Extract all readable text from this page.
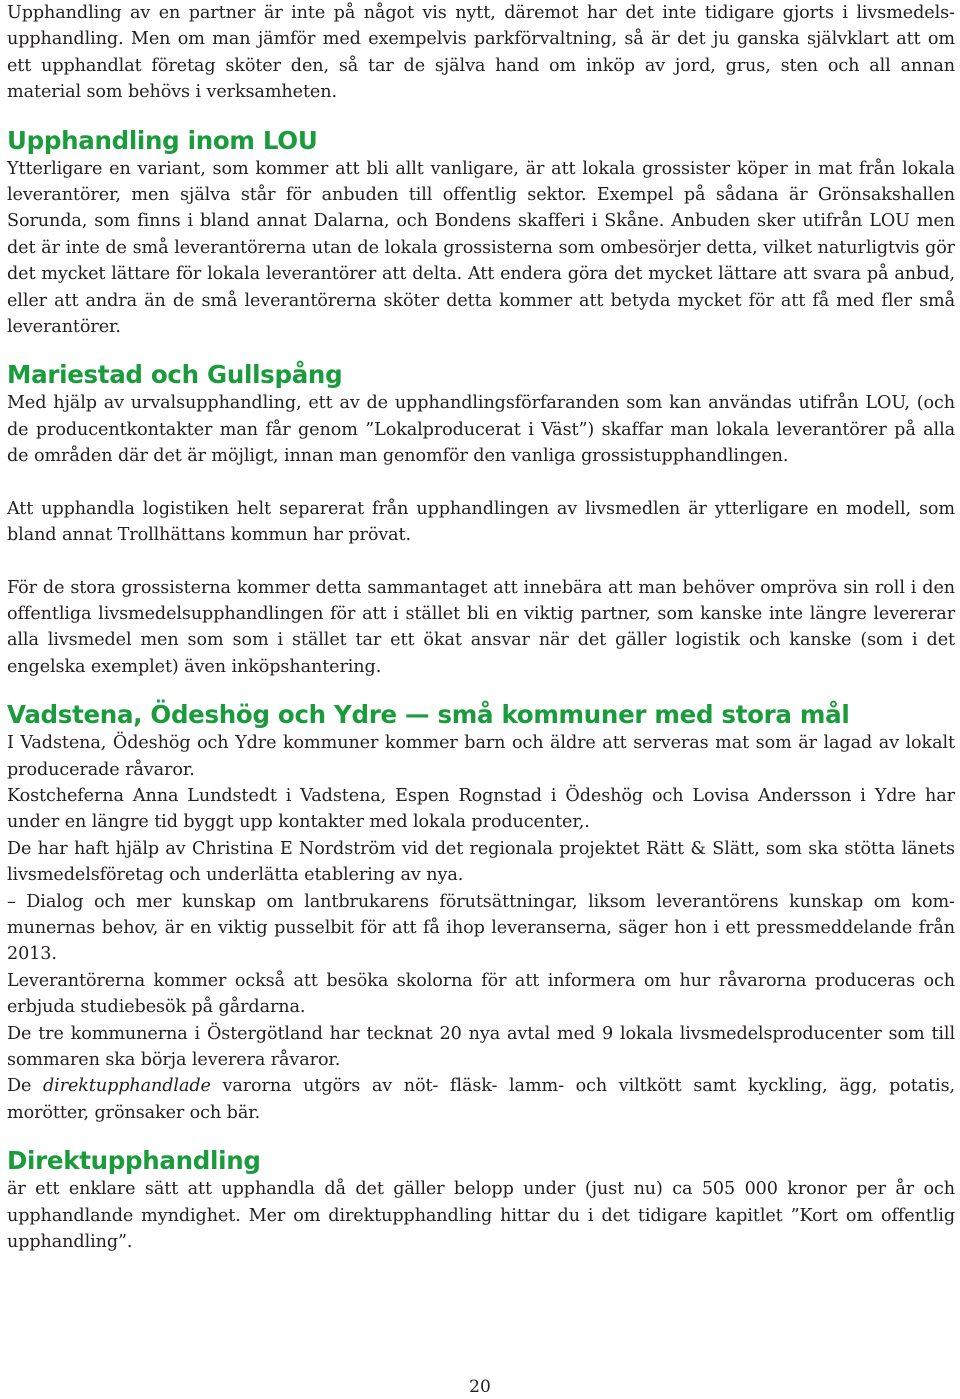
Upphandling av en partner är inte på något vis nytt, däremot har det inte tidigare gjorts i livsmedelsupphandling. Men om man jämför med exempelvis parkförvaltning, så är det ju ganska självklart att om ett upphandlat företag sköter den, så tar de själva hand om inköp av jord, grus, sten och all annan material som behövs i verksamheten.

Upphandling inom LOU

Ytterligare en variant, som kommer att bli allt vanligare, är att lokala grossister köper in mat från lokala leverantörer, men själva står för anbuden till offentlig sektor. Exempel på sådana är Grönsakshallen Sorunda, som finns i bland annat Dalarna, och Bondens skafferi i Skåne. Anbuden sker utifrån LOU men det är inte de små leverantörerna utan de lokala grossisterna som ombesörjer detta, vilket naturligtvis gör det mycket lättare för lokala leverantörer att delta. Att endera göra det mycket lättare att svara på anbud, eller att andra än de små leverantörerna sköter detta kommer att betyda mycket för att få med fler små leverantörer.

Mariestad och Gullspång

Med hjälp av urvalsupphandling, ett av de upphandlingsförfaranden som kan användas utifrån LOU, (och de producentkontakter man får genom ”Lokalproducerat i Väst”) skaffar man lokala leverantörer på alla de områden där det är möjligt, innan man genomför den vanliga grossistupphandlingen.

Att upphandla logistiken helt separerat från upphandlingen av livsmedlen är ytterligare en modell, som bland annat Trollhättans kommun har prövat.

För de stora grossisterna kommer detta sammantaget att innebära att man behöver ompröva sin roll i den offentliga livsmedelsupphandlingen för att i stället bli en viktig partner, som kanske inte längre levererar alla livsmedel men som som i stället tar ett ökat ansvar när det gäller logistik och kanske (som i det engelska exemplet) även inköpshantering.

Vadstena, Ödeshög och Ydre — små kommuner med stora mål

I Vadstena, Ödeshög och Ydre kommuner kommer barn och äldre att serveras mat som är lagad av lokalt producerade råvaror.

Kostcheferna Anna Lundstedt i Vadstena, Espen Rognstad i Ödeshög och Lovisa Andersson i Ydre har under en längre tid byggt upp kontakter med lokala producenter,.

De har haft hjälp av Christina E Nordström vid det regionala projektet Rätt & Slätt, som ska stötta länets livsmedelsföretag och underlätta etablering av nya.

– Dialog och mer kunskap om lantbrukarens förutsättningar, liksom leverantörens kunskap om kommunernas behov, är en viktig pusselbit för att få ihop leveranserna, säger hon i ett pressmeddelande från 2013.

Leverantörerna kommer också att besöka skolorna för att informera om hur råvarorna produceras och erbjuda studiebesök på gårdarna.

De tre kommunerna i Östergötland har tecknat 20 nya avtal med 9 lokala livsmedelsproducenter som till sommaren ska börja leverera råvaror.

De direktupphandlade varorna utgörs av nöt- fläsk- lamm- och viltkött samt kyckling, ägg, potatis, morötter, grönsaker och bär.

Direktupphandling

är ett enklare sätt att upphandla då det gäller belopp under (just nu) ca 505 000 kronor per år och upphandlande myndighet. Mer om direktupphandling hittar du i det tidigare kapitlet ”Kort om offentlig upphandling”.

20
